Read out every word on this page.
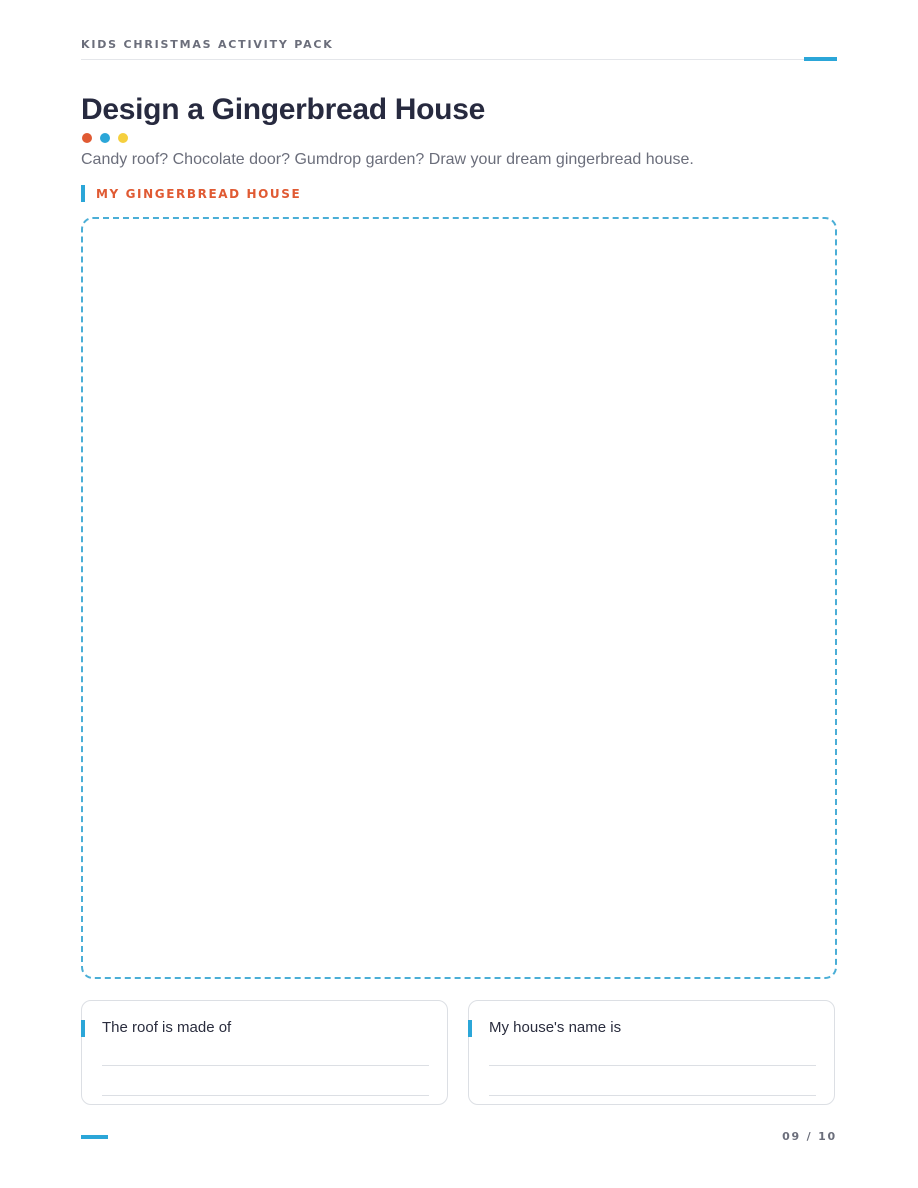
KIDS CHRISTMAS ACTIVITY PACK
Design a Gingerbread House
Candy roof? Chocolate door? Gumdrop garden? Draw your dream gingerbread house.
MY GINGERBREAD HOUSE
The roof is made of	My house's name is
09 / 10
